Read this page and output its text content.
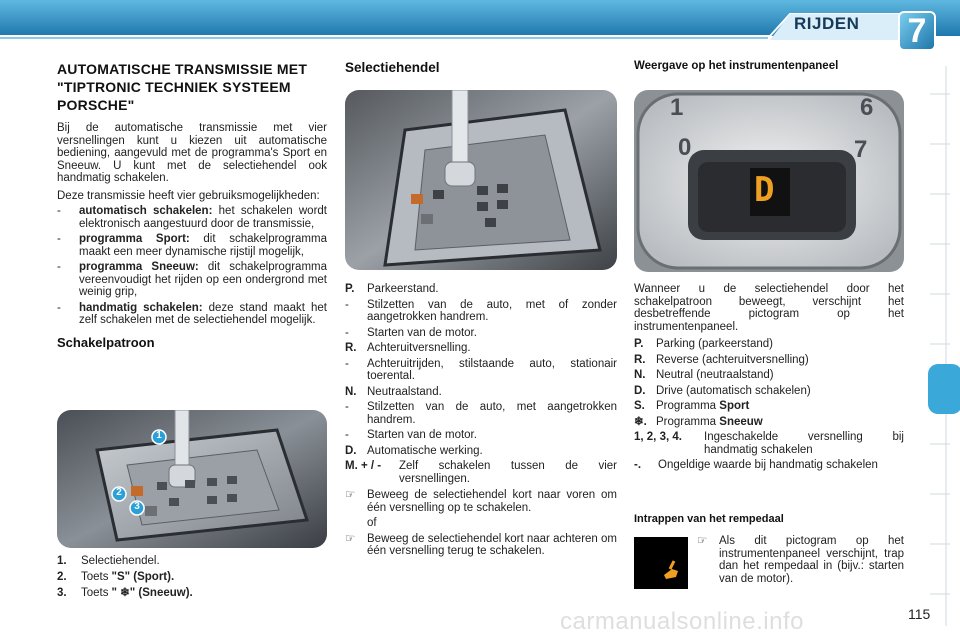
RIJDEN 7
AUTOMATISCHE TRANSMISSIE MET "TIPTRONIC TECHNIEK SYSTEEM PORSCHE"

Bij de automatische transmissie met vier versnellingen kunt u kiezen uit automatische bediening, aangevuld met de programma's Sport en Sneeuw. U kunt met de selectiehendel ook handmatig schakelen.

Deze transmissie heeft vier gebruiksmogelijkheden:

-	automatisch schakelen: het schakelen wordt elektronisch aangestuurd door de transmissie,
-	programma Sport: dit schakelprogramma maakt een meer dynamische rijstijl mogelijk,
-	programma Sneeuw: dit schakelprogramma vereenvoudigt het rijden op een ondergrond met weinig grip,
-	handmatig schakelen: deze stand maakt het zelf schakelen met de selectiehendel mogelijk.
Schakelpatroon
1
2
3
1.	Selectiehendel.
2.	Toets "S" (Sport).
3.	Toets " ❄" (Sneeuw).
Selectiehendel
P.	Parkeerstand.
-	Stilzetten van de auto, met of zonder aangetrokken handrem.
-	Starten van de motor.
R. Achteruitversnelling.
-	Achteruitrijden, stilstaande auto, stationair toerental.
N. Neutraalstand.
-	Stilzetten van de auto, met aangetrokken handrem.
-	Starten van de motor.
D. Automatische werking.
M. + / -	Zelf schakelen tussen de vier versnellingen.
☞	Beweeg de selectiehendel kort naar voren om één versnelling op te schakelen.
of
☞	Beweeg de selectiehendel kort naar achteren om één versnelling terug te schakelen.
Weergave op het instrumentenpaneel
1	6
0	7
D

Wanneer u de selectiehendel door het schakelpatroon beweegt, verschijnt het desbetreffende pictogram op het instrumentenpaneel.

P.	Parking (parkeerstand)
R. Reverse (achteruitversnelling)
N. Neutral (neutraalstand)
D. Drive (automatisch schakelen)
S. Programma Sport
❄. Programma Sneeuw
1, 2, 3, 4.	Ingeschakelde versnelling bij handmatig schakelen
-.	Ongeldige waarde bij handmatig schakelen
Intrappen van het rempedaal
☞	Als dit pictogram op het instrumentenpaneel verschijnt, trap dan het rempedaal in (bijv.: starten van de motor).
carmanualsonline.info	115
